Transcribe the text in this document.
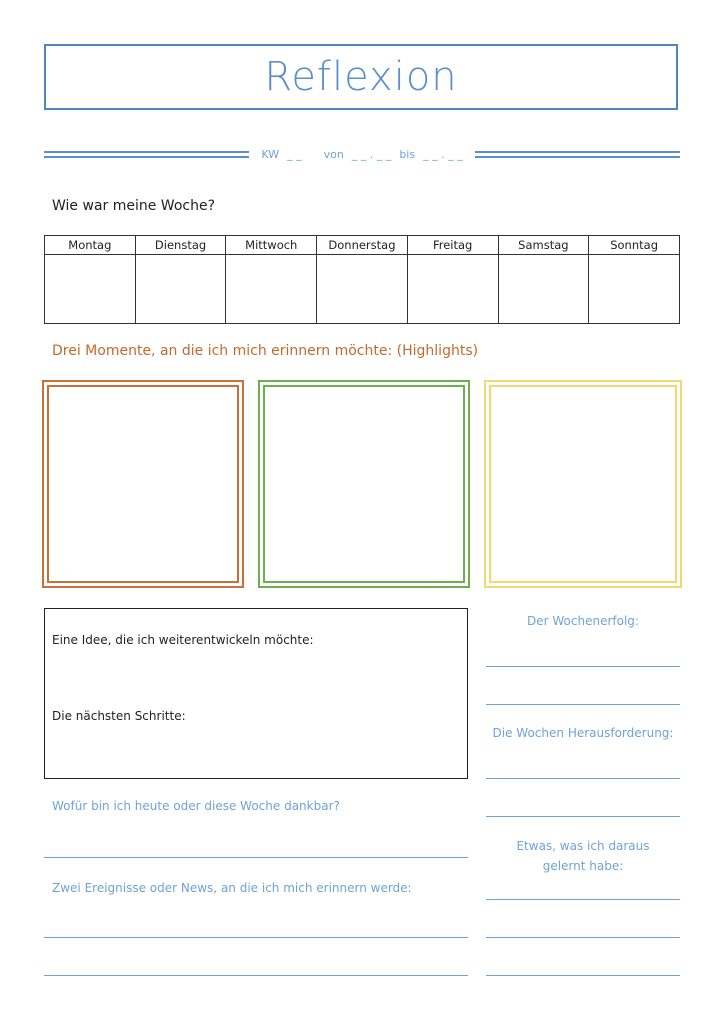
Reflexion
KW _ _ von _ _ . _ _ bis _ _ . _ _
Wie war meine Woche?
Montag	Dienstag	Mittwoch	Donnerstag	Freitag	Samstag	Sonntag

Drei Momente, an die ich mich erinnern möchte: (Highlights)
Eine Idee, die ich weiterentwickeln möchte:
Die nächsten Schritte:
Wofür bin ich heute oder diese Woche dankbar?
Zwei Ereignisse oder News, an die ich mich erinnern werde:
Der Wochenerfolg:
Die Wochen Herausforderung:
Etwas, was ich daraus gelernt habe:
